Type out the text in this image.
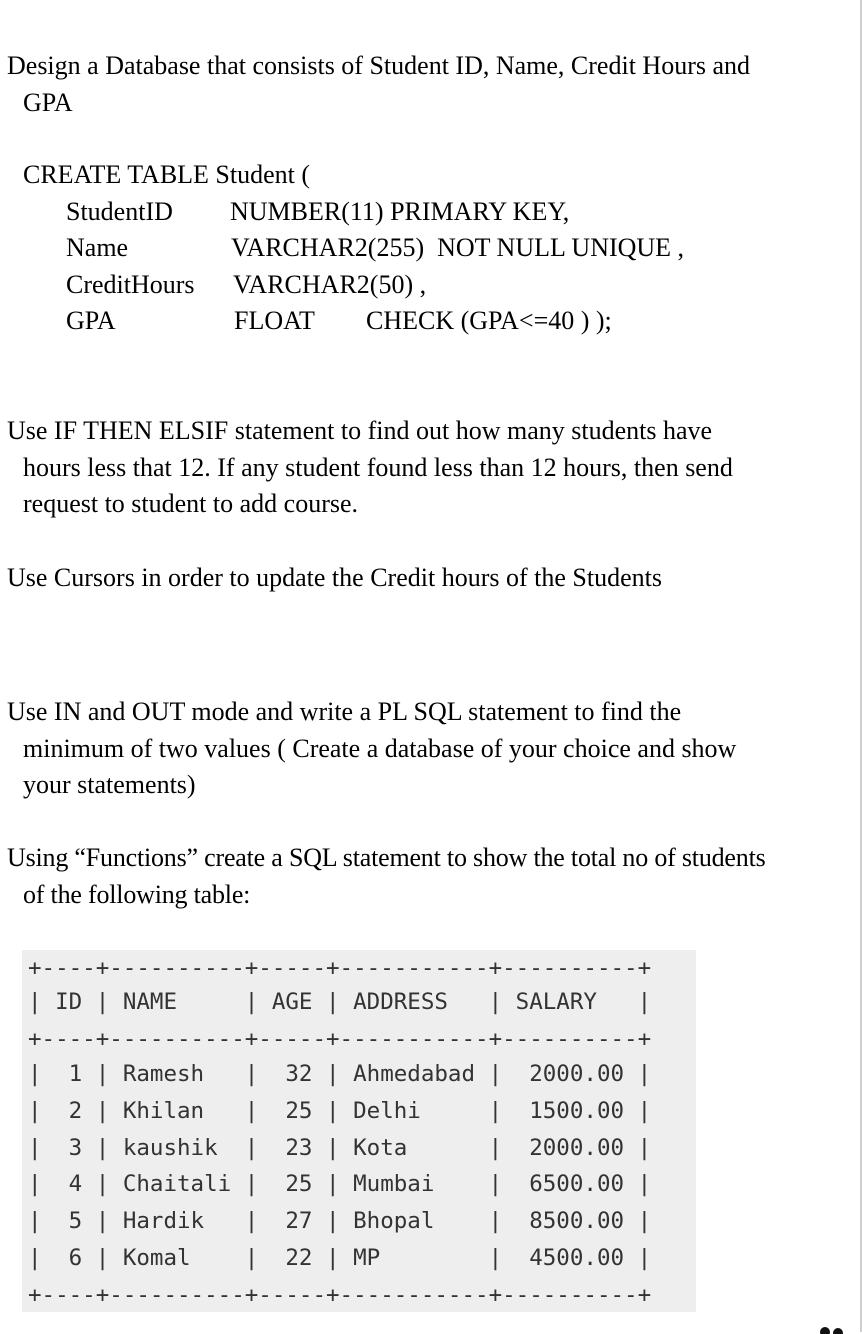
Design a Database that consists of Student ID, Name, Credit Hours and
GPA

CREATE TABLE Student (
StudentID NUMBER(11) PRIMARY KEY,
Name	VARCHAR2(255)  NOT NULL UNIQUE ,
CreditHours VARCHAR2(50) ,
GPA	FLOAT CHECK (GPA<=40 ) );

Use IF THEN ELSIF statement to find out how many students have
hours less that 12. If any student found less than 12 hours, then send
request to student to add course.

Use Cursors in order to update the Credit hours of the Students

Use IN and OUT mode and write a PL SQL statement to find the
minimum of two values ( Create a database of your choice and show
your statements)

Using “Functions” create a SQL statement to show the total no of students
of the following table:

+----+----------+-----+-----------+----------+
| ID | NAME     | AGE | ADDRESS   | SALARY   |
+----+----------+-----+-----------+----------+
|  1 | Ramesh   |  32 | Ahmedabad |  2000.00 |
|  2 | Khilan   |  25 | Delhi     |  1500.00 |
|  3 | kaushik  |  23 | Kota      |  2000.00 |
|  4 | Chaitali |  25 | Mumbai    |  6500.00 |
|  5 | Hardik   |  27 | Bhopal    |  8500.00 |
|  6 | Komal    |  22 | MP        |  4500.00 |
+----+----------+-----+-----------+----------+
